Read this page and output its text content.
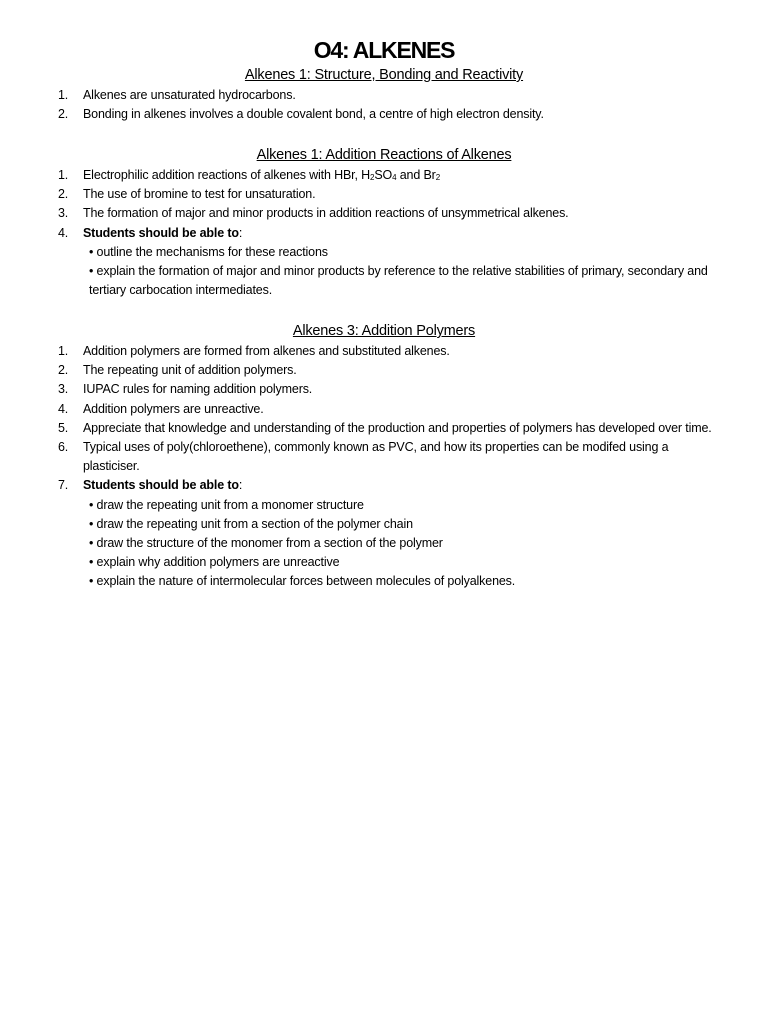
O4: ALKENES
Alkenes 1: Structure, Bonding and Reactivity
1.	Alkenes are unsaturated hydrocarbons.
2.	Bonding in alkenes involves a double covalent bond, a centre of high electron density.
Alkenes 1: Addition Reactions of Alkenes
1.	Electrophilic addition reactions of alkenes with HBr, $H_2SO_4$ and $Br_2$
2.	The use of bromine to test for unsaturation.
3.	The formation of major and minor products in addition reactions of unsymmetrical alkenes.
4.	Students should be able to:
• outline the mechanisms for these reactions
• explain the formation of major and minor products by reference to the relative stabilities of primary, secondary and tertiary carbocation intermediates.
Alkenes 3: Addition Polymers
1.	Addition polymers are formed from alkenes and substituted alkenes.
2.	The repeating unit of addition polymers.
3.	IUPAC rules for naming addition polymers.
4.	Addition polymers are unreactive.
5.	Appreciate that knowledge and understanding of the production and properties of polymers has developed over time.
6.	Typical uses of poly(chloroethene), commonly known as PVC, and how its properties can be modifed using a plasticiser.
7.	Students should be able to:
• draw the repeating unit from a monomer structure
• draw the repeating unit from a section of the polymer chain
• draw the structure of the monomer from a section of the polymer
• explain why addition polymers are unreactive
• explain the nature of intermolecular forces between molecules of polyalkenes.
